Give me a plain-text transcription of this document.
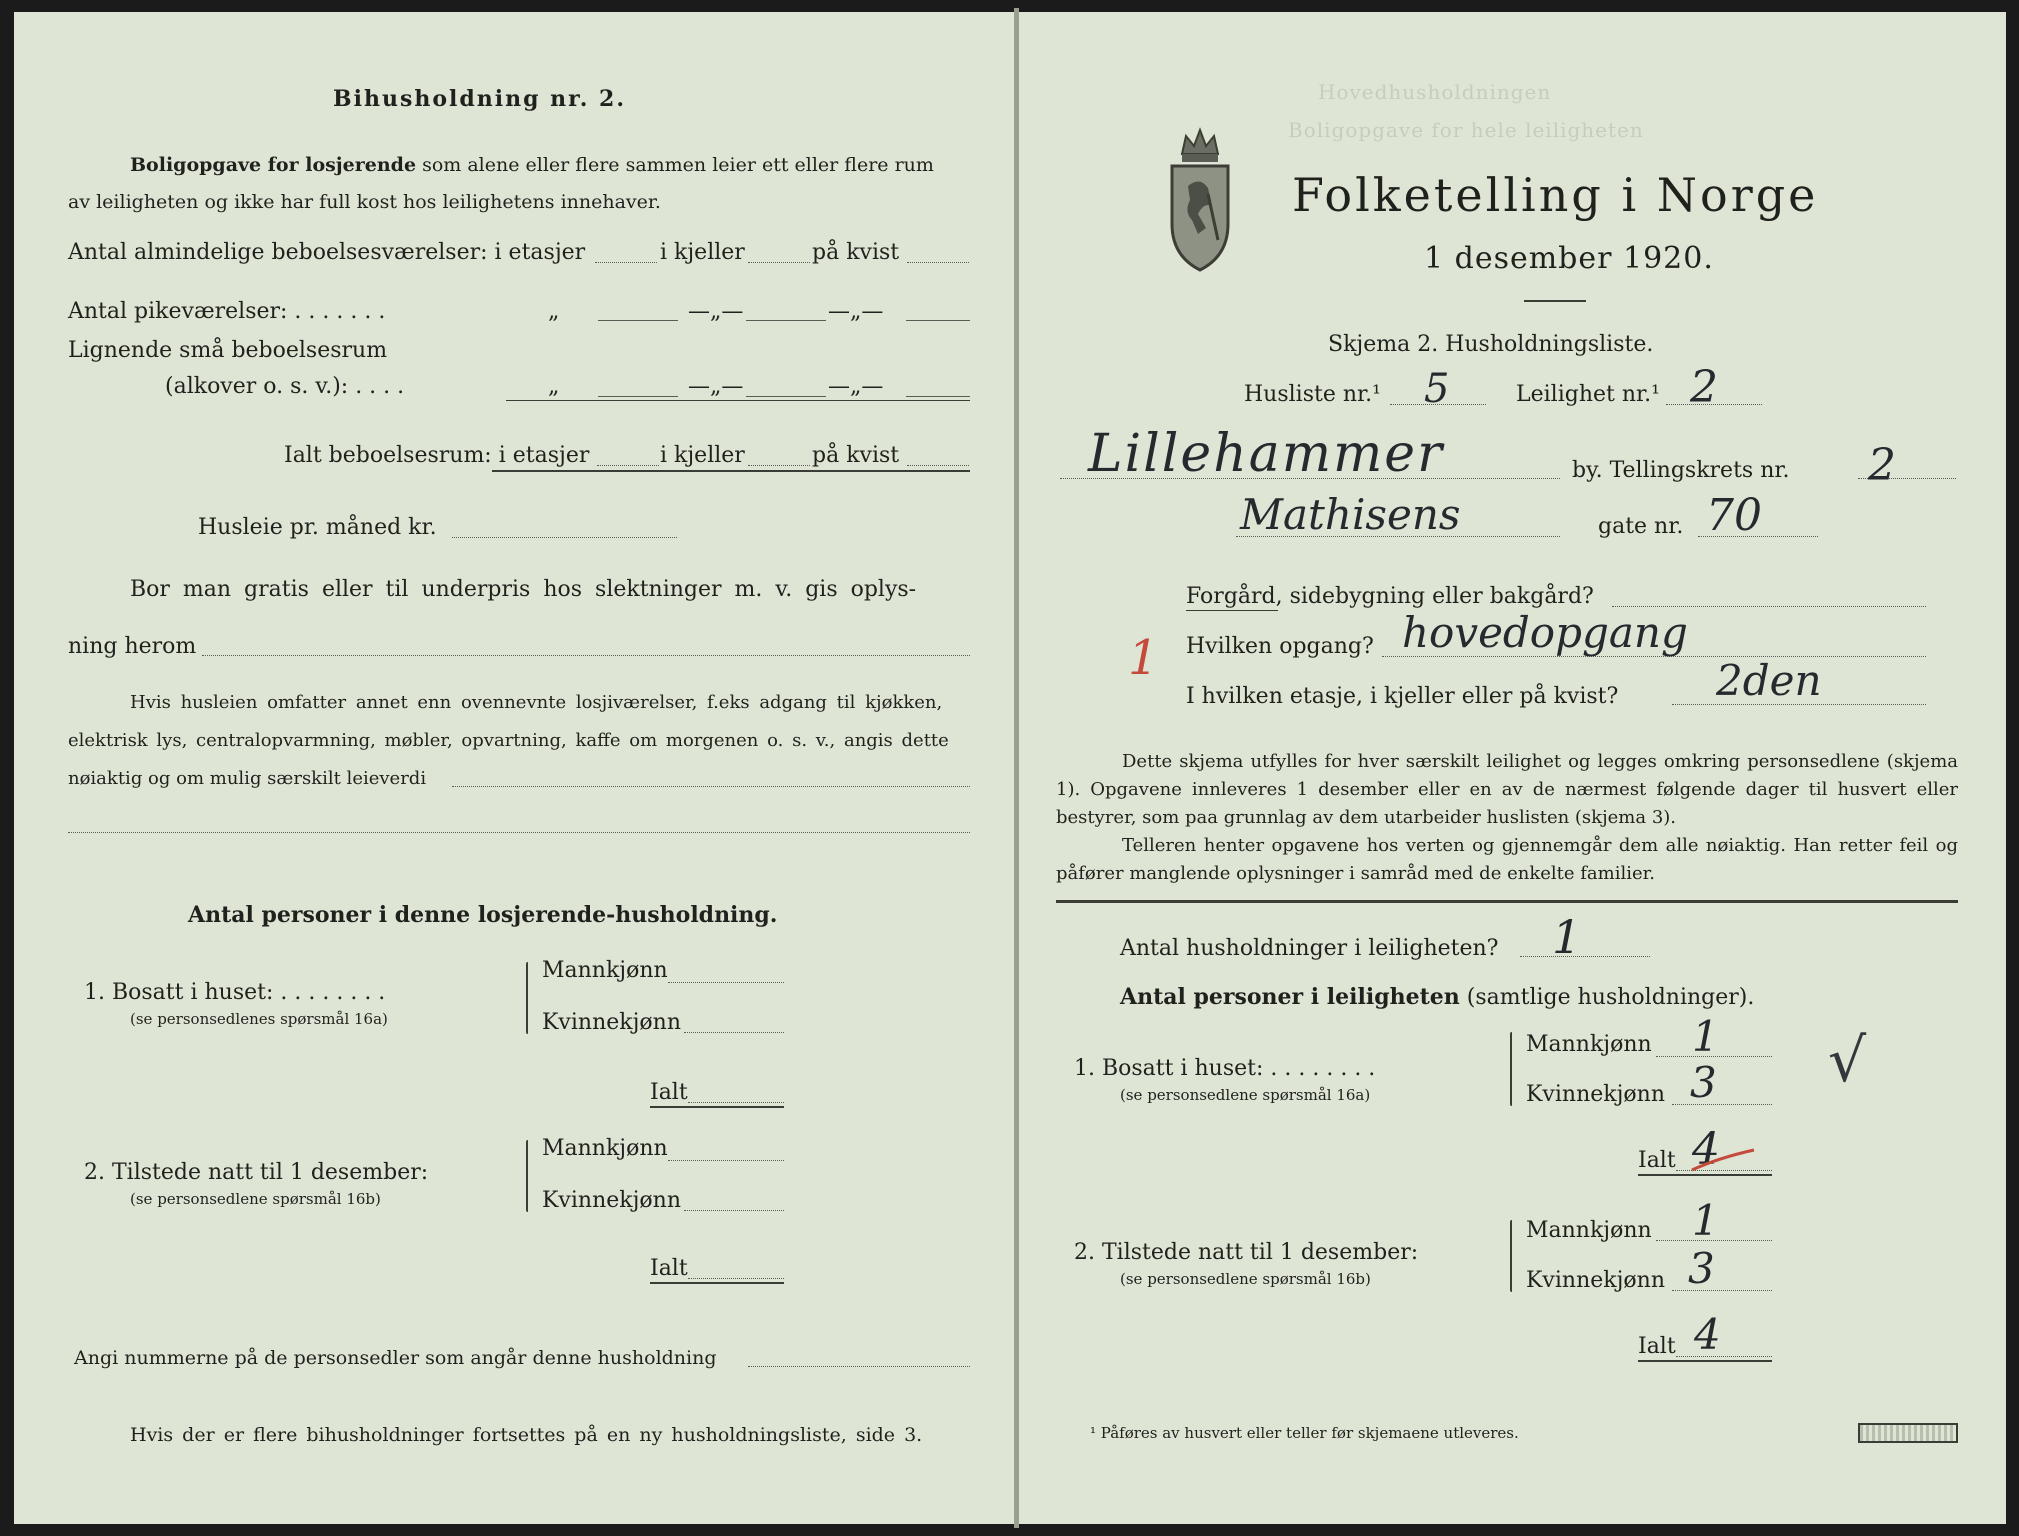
Bihusholdning nr. 2.
Boligopgave for losjerende som alene eller flere sammen leier ett eller flere rum
av leiligheten og ikke har full kost hos leilighetens innehaver.
Antal almindelige beboelsesværelser: i etasjer	i kjeller	på kvist
Antal pikeværelser: . . . . . . .	„	—„—	—„—
Lignende små beboelsesrum
(alkover o. s. v.): . . . .	„	—„—	—„—
Ialt beboelsesrum: i etasjer	i kjeller	på kvist
Husleie pr. måned kr.
Bor man gratis eller til underpris hos slektninger m. v. gis oplys-
ning herom
Hvis husleien omfatter annet enn ovennevnte losjiværelser, f.eks adgang til kjøkken,
elektrisk lys, centralopvarmning, møbler, opvartning, kaffe om morgenen o. s. v., angis dette
nøiaktig og om mulig særskilt leieverdi
Antal personer i denne losjerende-husholdning.
1. Bosatt i huset: . . . . . . . .
(se personsedlenes spørsmål 16a)
Mannkjønn
Kvinnekjønn
Ialt
2. Tilstede natt til 1 desember:
(se personsedlene spørsmål 16b)
Mannkjønn
Kvinnekjønn
Ialt
Angi nummerne på de personsedler som angår denne husholdning
Hvis der er flere bihusholdninger fortsettes på en ny husholdningsliste, side 3.
Hovedhusholdningen
Boligopgave for hele leiligheten
Folketelling i Norge
1 desember 1920.
Skjema 2. Husholdningsliste.
Husliste nr.¹ 5	Leilighet nr.¹ 2
Lillehammer	by. Tellingskrets nr. 2
Mathisens	gate nr. 70
Forgård, sidebygning eller bakgård?
1 Hvilken opgang? hovedopgang
I hvilken etasje, i kjeller eller på kvist? 2den
Dette skjema utfylles for hver særskilt leilighet og legges omkring personsedlene (skjema 1). Opgavene innleveres 1 desember eller en av de nærmest følgende dager til husvert eller bestyrer, som paa grunnlag av dem utarbeider huslisten (skjema 3).
Telleren henter opgavene hos verten og gjennemgår dem alle nøiaktig. Han retter feil og påfører manglende oplysninger i samråd med de enkelte familier.
Antal husholdninger i leiligheten? 1
Antal personer i leiligheten (samtlige husholdninger).
1. Bosatt i huset: . . . . . . . .
(se personsedlene spørsmål 16a)
Mannkjønn 1
Kvinnekjønn 3 √
Ialt 4
2. Tilstede natt til 1 desember:
(se personsedlene spørsmål 16b)
Mannkjønn 1
Kvinnekjønn 3
Ialt 4
¹ Påføres av husvert eller teller før skjemaene utleveres.
